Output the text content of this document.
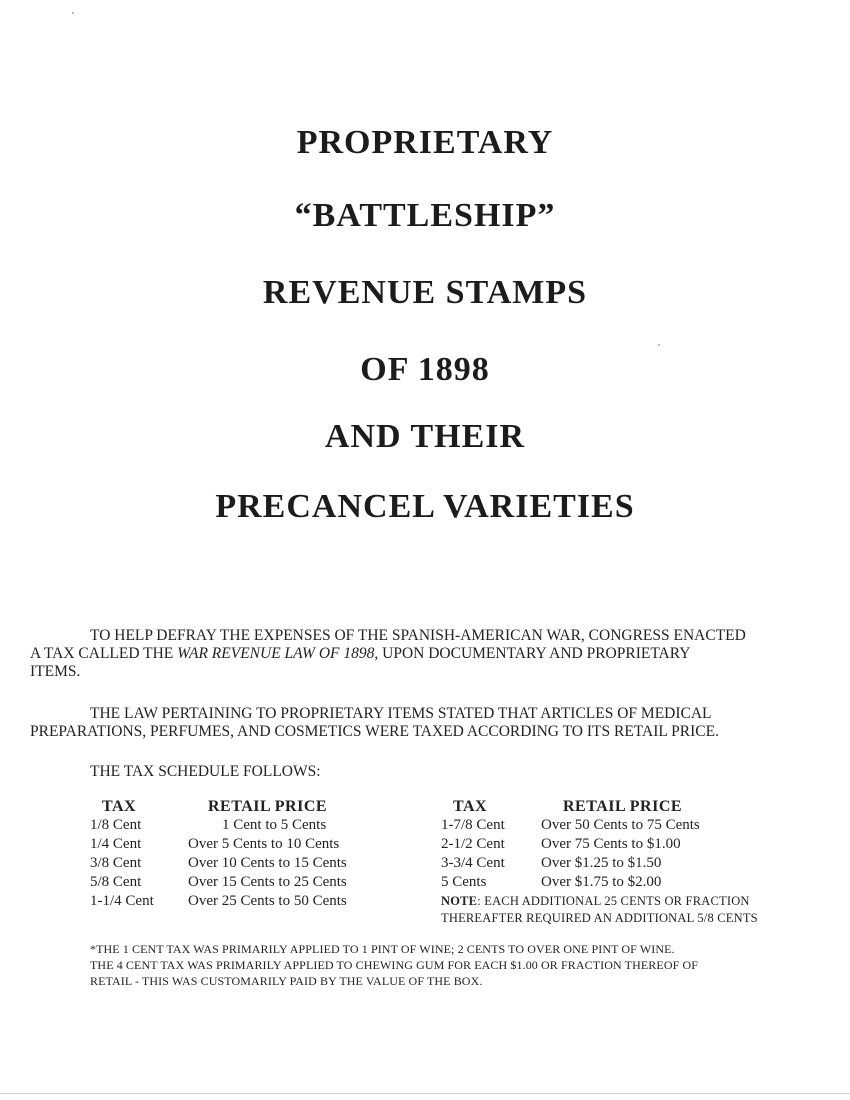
PROPRIETARY
“BATTLESHIP”
REVENUE STAMPS
OF 1898
AND THEIR
PRECANCEL VARIETIES
TO HELP DEFRAY THE EXPENSES OF THE SPANISH-AMERICAN WAR, CONGRESS ENACTED
A TAX CALLED THE WAR REVENUE LAW OF 1898, UPON DOCUMENTARY AND PROPRIETARY
ITEMS.
THE LAW PERTAINING TO PROPRIETARY ITEMS STATED THAT ARTICLES OF MEDICAL
PREPARATIONS, PERFUMES, AND COSMETICS WERE TAXED ACCORDING TO ITS RETAIL PRICE.
THE TAX SCHEDULE FOLLOWS:
TAX
1/8 Cent
1/4 Cent
3/8 Cent
5/8 Cent
1-1/4 Cent
RETAIL PRICE
1 Cent to 5 Cents
Over 5 Cents to 10 Cents
Over 10 Cents to 15 Cents
Over 15 Cents to 25 Cents
Over 25 Cents to 50 Cents
TAX
1-7/8 Cent
2-1/2 Cent
3-3/4 Cent
5 Cents
RETAIL PRICE
Over 50 Cents to 75 Cents
Over 75 Cents to $1.00
Over $1.25 to $1.50
Over $1.75 to $2.00
NOTE: EACH ADDITIONAL 25 CENTS OR FRACTION
THEREAFTER REQUIRED AN ADDITIONAL 5/8 CENTS
*THE 1 CENT TAX WAS PRIMARILY APPLIED TO 1 PINT OF WINE; 2 CENTS TO OVER ONE PINT OF WINE.
THE 4 CENT TAX WAS PRIMARILY APPLIED TO CHEWING GUM FOR EACH $1.00 OR FRACTION THEREOF OF
RETAIL - THIS WAS CUSTOMARILY PAID BY THE VALUE OF THE BOX.
